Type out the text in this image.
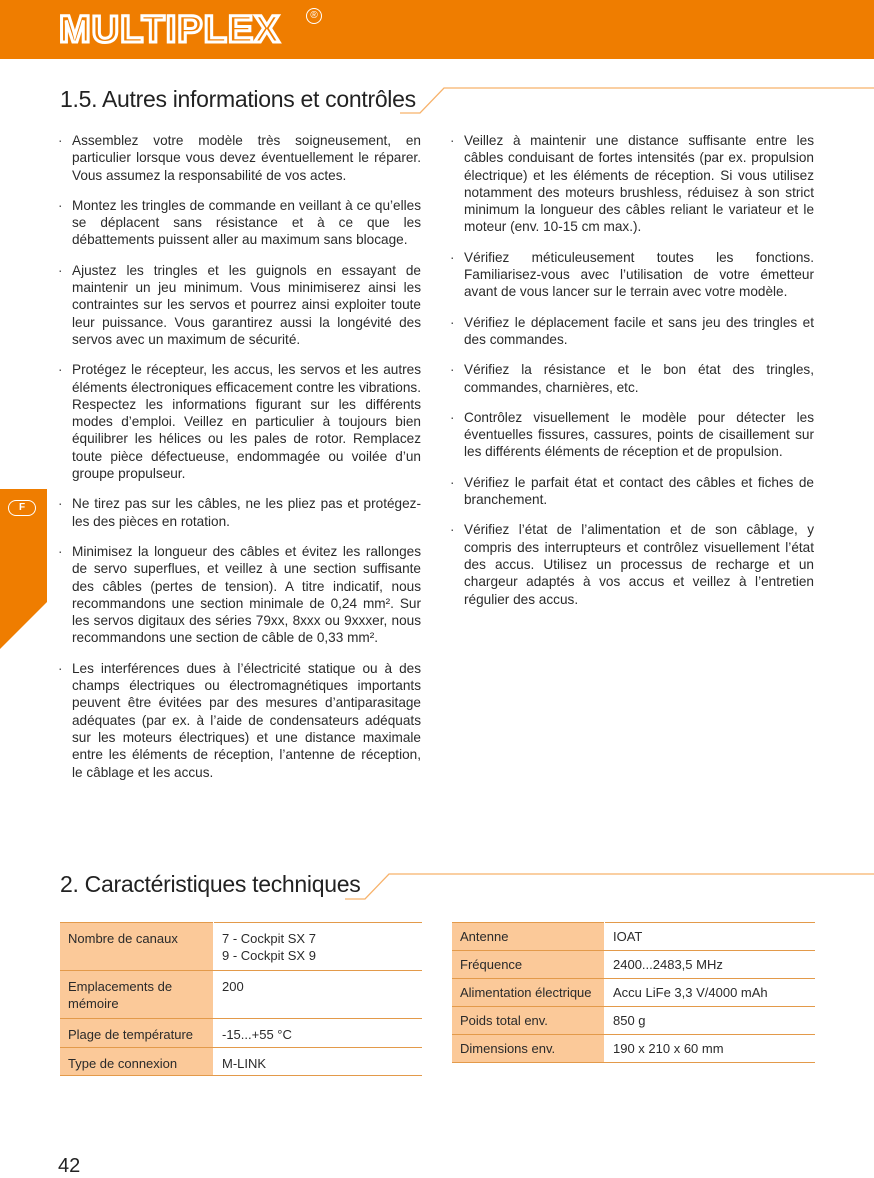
MULTIPLEX	®
1.5. Autres informations et contrôles
· Assemblez votre modèle très soigneusement, en particulier lorsque vous devez éventuellement le réparer. Vous assumez la responsabilité de vos actes.
· Montez les tringles de commande en veillant à ce qu’elles se déplacent sans résistance et à ce que les débattements puissent aller au maximum sans blocage.
· Ajustez les tringles et les guignols en essayant de maintenir un jeu minimum. Vous minimiserez ainsi les contraintes sur les servos et pourrez ainsi exploiter toute leur puissance. Vous garantirez aussi la longévité des servos avec un maximum de sécurité.
· Protégez le récepteur, les accus, les servos et les autres éléments électroniques efficacement contre les vibrations. Respectez les informations figurant sur les différents modes d’emploi. Veillez en particulier à toujours bien équilibrer les hélices ou les pales de rotor. Remplacez toute pièce défectueuse, endommagée ou voilée d’un groupe propulseur.
· Ne tirez pas sur les câbles, ne les pliez pas et protégez-les des pièces en rotation.
· Minimisez la longueur des câbles et évitez les rallonges de servo superflues, et veillez à une section suffisante des câbles (pertes de tension). A titre indicatif, nous recommandons une section minimale de 0,24 mm². Sur les servos digitaux des séries 79xx, 8xxx ou 9xxxer, nous recommandons une section de câble de 0,33 mm².
· Les interférences dues à l’électricité statique ou à des champs électriques ou électromagnétiques importants peuvent être évitées par des mesures d’antiparasitage adéquates (par ex. à l’aide de condensateurs adéquats sur les moteurs électriques) et une distance maximale entre les éléments de réception, l’antenne de réception, le câblage et les accus.
· Veillez à maintenir une distance suffisante entre les câbles conduisant de fortes intensités (par ex. propulsion électrique) et les éléments de réception. Si vous utilisez notamment des moteurs brushless, réduisez à son strict minimum la longueur des câbles reliant le variateur et le moteur (env. 10-15 cm max.).
· Vérifiez méticuleusement toutes les fonctions. Familiarisez-vous avec l’utilisation de votre émetteur avant de vous lancer sur le terrain avec votre modèle.
· Vérifiez le déplacement facile et sans jeu des tringles et des commandes.
· Vérifiez la résistance et le bon état des tringles, commandes, charnières, etc.
· Contrôlez visuellement le modèle pour détecter les éventuelles fissures, cassures, points de cisaillement sur les différents éléments de réception et de propulsion.
· Vérifiez le parfait état et contact des câbles et fiches de branchement.
· Vérifiez l’état de l’alimentation et de son câblage, y compris des interrupteurs et contrôlez visuellement l’état des accus. Utilisez un processus de recharge et un chargeur adaptés à vos accus et veillez à l’entretien régulier des accus.
F
2. Caractéristiques techniques
Nombre de canaux	7 - Cockpit SX 7
9 - Cockpit SX 9

Emplacements de mémoire	200

Plage de température	-15...+55 °C

Type de connexion	M-LINK
Antenne	IOAT
Fréquence	2400...2483,5 MHz
Alimentation électrique	Accu LiFe 3,3 V/4000 mAh
Poids total env.	850 g
Dimensions env.	190 x 210 x 60 mm
42
